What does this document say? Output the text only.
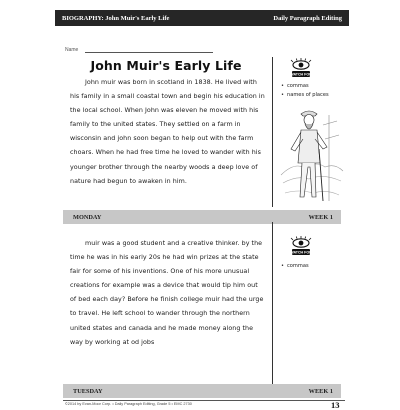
BIOGRAPHY: John Muir's Early Life	Daily Paragraph Editing
Name
John Muir's Early Life

John muir was born in scotland in 1838. He lived with his family in a small coastal town and begin his education in the local school. When John was eleven he moved with his family to the united states. They settled on a farm in wisconsin and john soon began to help out with the farm choars. When he had free time he loved to wander with his younger brother through the nearby woods a deep love of nature had begun to awaken in him.

WATCH FOR
• commas
• names of places
MONDAY	WEEK 1

muir was a good student and a creative thinker. by the time he was in his early 20s he had win prizes at the state fair for some of his inventions. One of his more unusual creations for example was a device that would tip him out of bed each day? Before he finish college muir had the urge to travel. He left school to wander through the northern united states and canada and he made money along the way by working at od jobs

WATCH FOR
• commas
TUESDAY	WEEK 1
©2014 by Evan-Moor Corp. • Daily Paragraph Editing, Grade 5 • EMC 2730	13
